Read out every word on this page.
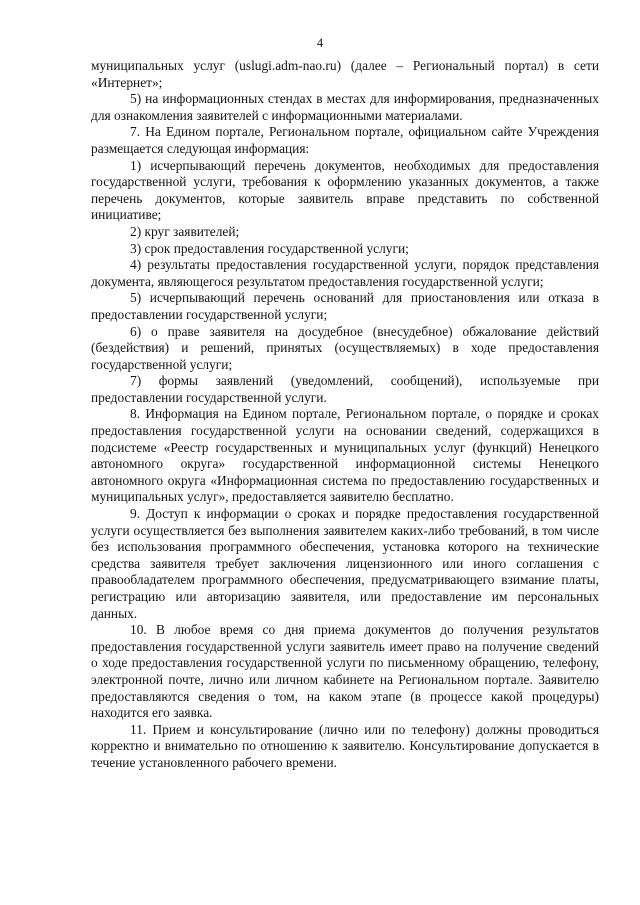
4

муниципальных услуг (uslugi.adm-nao.ru) (далее – Региональный портал) в сети «Интернет»;

5) на информационных стендах в местах для информирования, предназначенных для ознакомления заявителей с информационными материалами.

7. На Едином портале, Региональном портале, официальном сайте Учреждения размещается следующая информация:

1) исчерпывающий перечень документов, необходимых для предоставления государственной услуги, требования к оформлению указанных документов, а также перечень документов, которые заявитель вправе представить по собственной инициативе;

2) круг заявителей;

3) срок предоставления государственной услуги;

4) результаты предоставления государственной услуги, порядок представления документа, являющегося результатом предоставления государственной услуги;

5) исчерпывающий перечень оснований для приостановления или отказа в предоставлении государственной услуги;

6) о праве заявителя на досудебное (внесудебное) обжалование действий (бездействия) и решений, принятых (осуществляемых) в ходе предоставления государственной услуги;

7) формы заявлений (уведомлений, сообщений), используемые при предоставлении государственной услуги.

8. Информация на Едином портале, Региональном портале, о порядке и сроках предоставления государственной услуги на основании сведений, содержащихся в подсистеме «Реестр государственных и муниципальных услуг (функций) Ненецкого автономного округа» государственной информационной системы Ненецкого автономного округа «Информационная система по предоставлению государственных и муниципальных услуг», предоставляется заявителю бесплатно.

9. Доступ к информации о сроках и порядке предоставления государственной услуги осуществляется без выполнения заявителем каких-либо требований, в том числе без использования программного обеспечения, установка которого на технические средства заявителя требует заключения лицензионного или иного соглашения с правообладателем программного обеспечения, предусматривающего взимание платы, регистрацию или авторизацию заявителя, или предоставление им персональных данных.

10. В любое время со дня приема документов до получения результатов предоставления государственной услуги заявитель имеет право на получение сведений о ходе предоставления государственной услуги по письменному обращению, телефону, электронной почте, лично или личном кабинете на Региональном портале. Заявителю предоставляются сведения о том, на каком этапе (в процессе какой процедуры) находится его заявка.

11. Прием и консультирование (лично или по телефону) должны проводиться корректно и внимательно по отношению к заявителю. Консультирование допускается в течение установленного рабочего времени.
